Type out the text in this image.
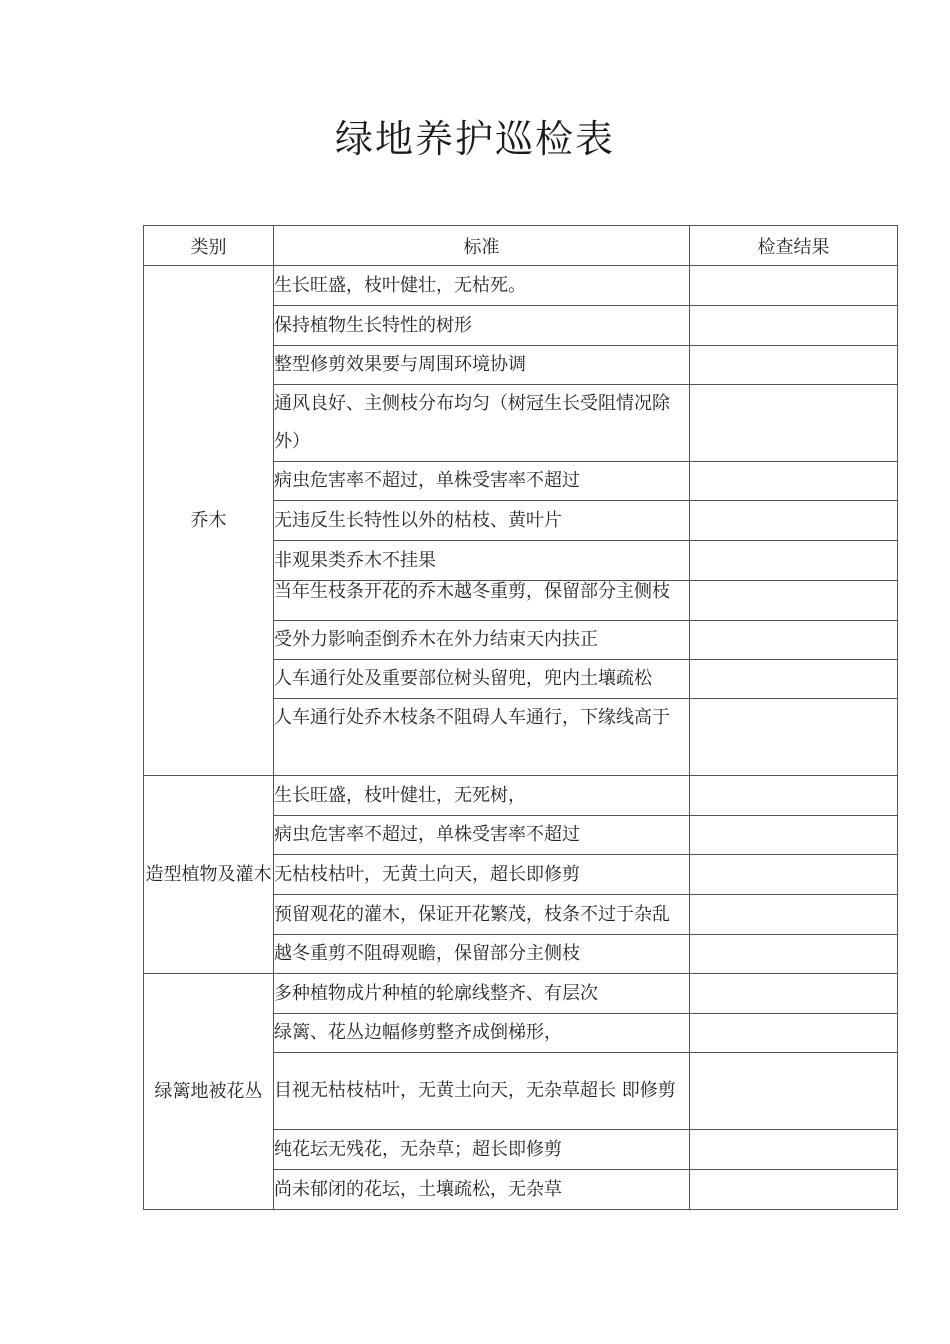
绿地养护巡检表
类别	标准	检查结果
乔木	生长旺盛，枝叶健壮，无枯死。	
	保持植物生长特性的树形	
	整型修剪效果要与周围环境协调	
	通风良好、主侧枝分布均匀（树冠生长受阻情况除 外）	
	病虫危害率不超过，单株受害率不超过	
	无违反生长特性以外的枯枝、黄叶片	
	非观果类乔木不挂果	

	当年生枝条开花的乔木越冬重剪，保留部分主侧枝	

	受外力影响歪倒乔木在外力结束天内扶正	
	人车通行处及重要部位树头留兜，兜内土壤疏松	
	人车通行处乔木枝条不阻碍人车通行，下缘线高于	
造型植物及灌木	生长旺盛，枝叶健壮，无死树，	
	病虫危害率不超过，单株受害率不超过	
	无枯枝枯叶，无黄土向天，超长即修剪	

	预留观花的灌木，保证开花繁茂，枝条不过于杂乱	

	越冬重剪不阻碍观瞻，保留部分主侧枝	
绿篱地被花丛	多种植物成片种植的轮廓线整齐、有层次	
	绿篱、花丛边幅修剪整齐成倒梯形，	
	目视无枯枝枯叶，无黄土向天，无杂草超长 即修剪	
	纯花坛无残花，无杂草；超长即修剪	
	尚未郁闭的花坛，土壤疏松，无杂草	
